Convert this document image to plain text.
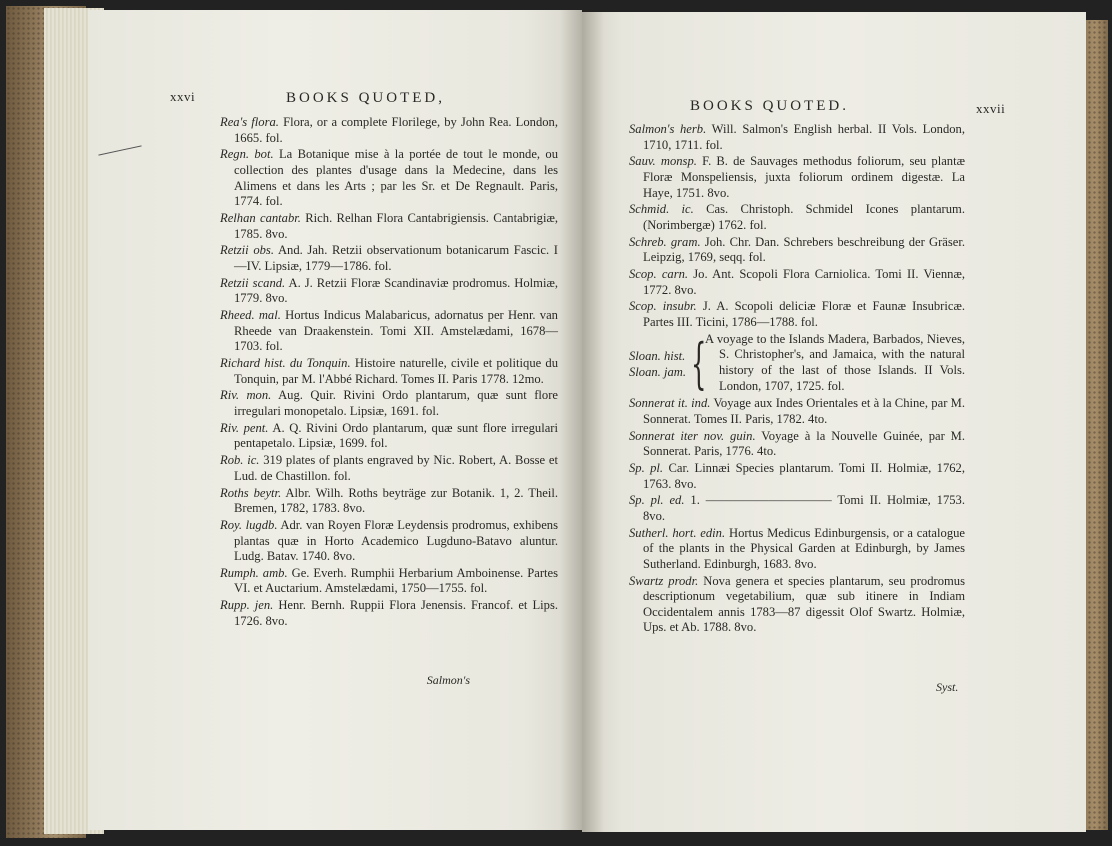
xxvi	BOOKS QUOTED,
Rea's flora. Flora, or a complete Florilege, by John Rea. London, 1665. fol.
Regn. bot. La Botanique mise à la portée de tout le monde, ou collection des plantes d'usage dans la Medecine, dans les Alimens et dans les Arts ; par les Sr. et De Regnault. Paris, 1774. fol.
Relhan cantabr. Rich. Relhan Flora Cantabrigiensis. Cantabrigiæ, 1785. 8vo.
Retzii obs. And. Jah. Retzii observationum botanicarum Fascic. I—IV. Lipsiæ, 1779—1786. fol.
Retzii scand. A. J. Retzii Floræ Scandinaviæ prodromus. Holmiæ, 1779. 8vo.
Rheed. mal. Hortus Indicus Malabaricus, adornatus per Henr. van Rheede van Draakenstein. Tomi XII. Amstelædami, 1678—1703. fol.
Richard hist. du Tonquin. Histoire naturelle, civile et politique du Tonquin, par M. l'Abbé Richard. Tomes II. Paris 1778. 12mo.
Riv. mon. Aug. Quir. Rivini Ordo plantarum, quæ sunt flore irregulari monopetalo. Lipsiæ, 1691. fol.
Riv. pent. A. Q. Rivini Ordo plantarum, quæ sunt flore irregulari pentapetalo. Lipsiæ, 1699. fol.
Rob. ic. 319 plates of plants engraved by Nic. Robert, A. Bosse et Lud. de Chastillon. fol.
Roths beytr. Albr. Wilh. Roths beyträge zur Botanik. 1, 2. Theil. Bremen, 1782, 1783. 8vo.
Roy. lugdb. Adr. van Royen Floræ Leydensis prodromus, exhibens plantas quæ in Horto Academico Lugduno-Batavo aluntur. Ludg. Batav. 1740. 8vo.
Rumph. amb. Ge. Everh. Rumphii Herbarium Amboinense. Partes VI. et Auctarium. Amstelædami, 1750—1755. fol.
Rupp. jen. Henr. Bernh. Ruppii Flora Jenensis. Francof. et Lips. 1726. 8vo.
Salmon's
BOOKS QUOTED.	xxvii
Salmon's herb. Will. Salmon's English herbal. II Vols. London, 1710, 1711. fol.
Sauv. monsp. F. B. de Sauvages methodus foliorum, seu plantæ Floræ Monspeliensis, juxta foliorum ordinem digestæ. La Haye, 1751. 8vo.
Schmid. ic. Cas. Christoph. Schmidel Icones plantarum. (Norimbergæ) 1762. fol.
Schreb. gram. Joh. Chr. Dan. Schrebers beschreibung der Gräser. Leipzig, 1769, seqq. fol.
Scop. carn. Jo. Ant. Scopoli Flora Carniolica. Tomi II. Viennæ, 1772. 8vo.
Scop. insubr. J. A. Scopoli deliciæ Floræ et Faunæ Insubricæ. Partes III. Ticini, 1786—1788. fol.
Sloan. hist.
Sloan. jam. {
A voyage to the Islands Madera, Barbados, Nieves, S. Christopher's, and Jamaica, with the natural history of the last of those Islands. II Vols. London, 1707, 1725. fol.
Sonnerat it. ind. Voyage aux Indes Orientales et à la Chine, par M. Sonnerat. Tomes II. Paris, 1782. 4to.
Sonnerat iter nov. guin. Voyage à la Nouvelle Guinée, par M. Sonnerat. Paris, 1776. 4to.
Sp. pl. Car. Linnæi Species plantarum. Tomi II. Holmiæ, 1762, 1763. 8vo.
Sp. pl. ed. 1. —————————— Tomi II. Holmiæ, 1753. 8vo.
Sutherl. hort. edin. Hortus Medicus Edinburgensis, or a catalogue of the plants in the Physical Garden at Edinburgh, by James Sutherland. Edinburgh, 1683. 8vo.
Swartz prodr. Nova genera et species plantarum, seu prodromus descriptionum vegetabilium, quæ sub itinere in Indiam Occidentalem annis 1783—87 digessit Olof Swartz. Holmiæ, Ups. et Ab. 1788. 8vo.
Syst.
